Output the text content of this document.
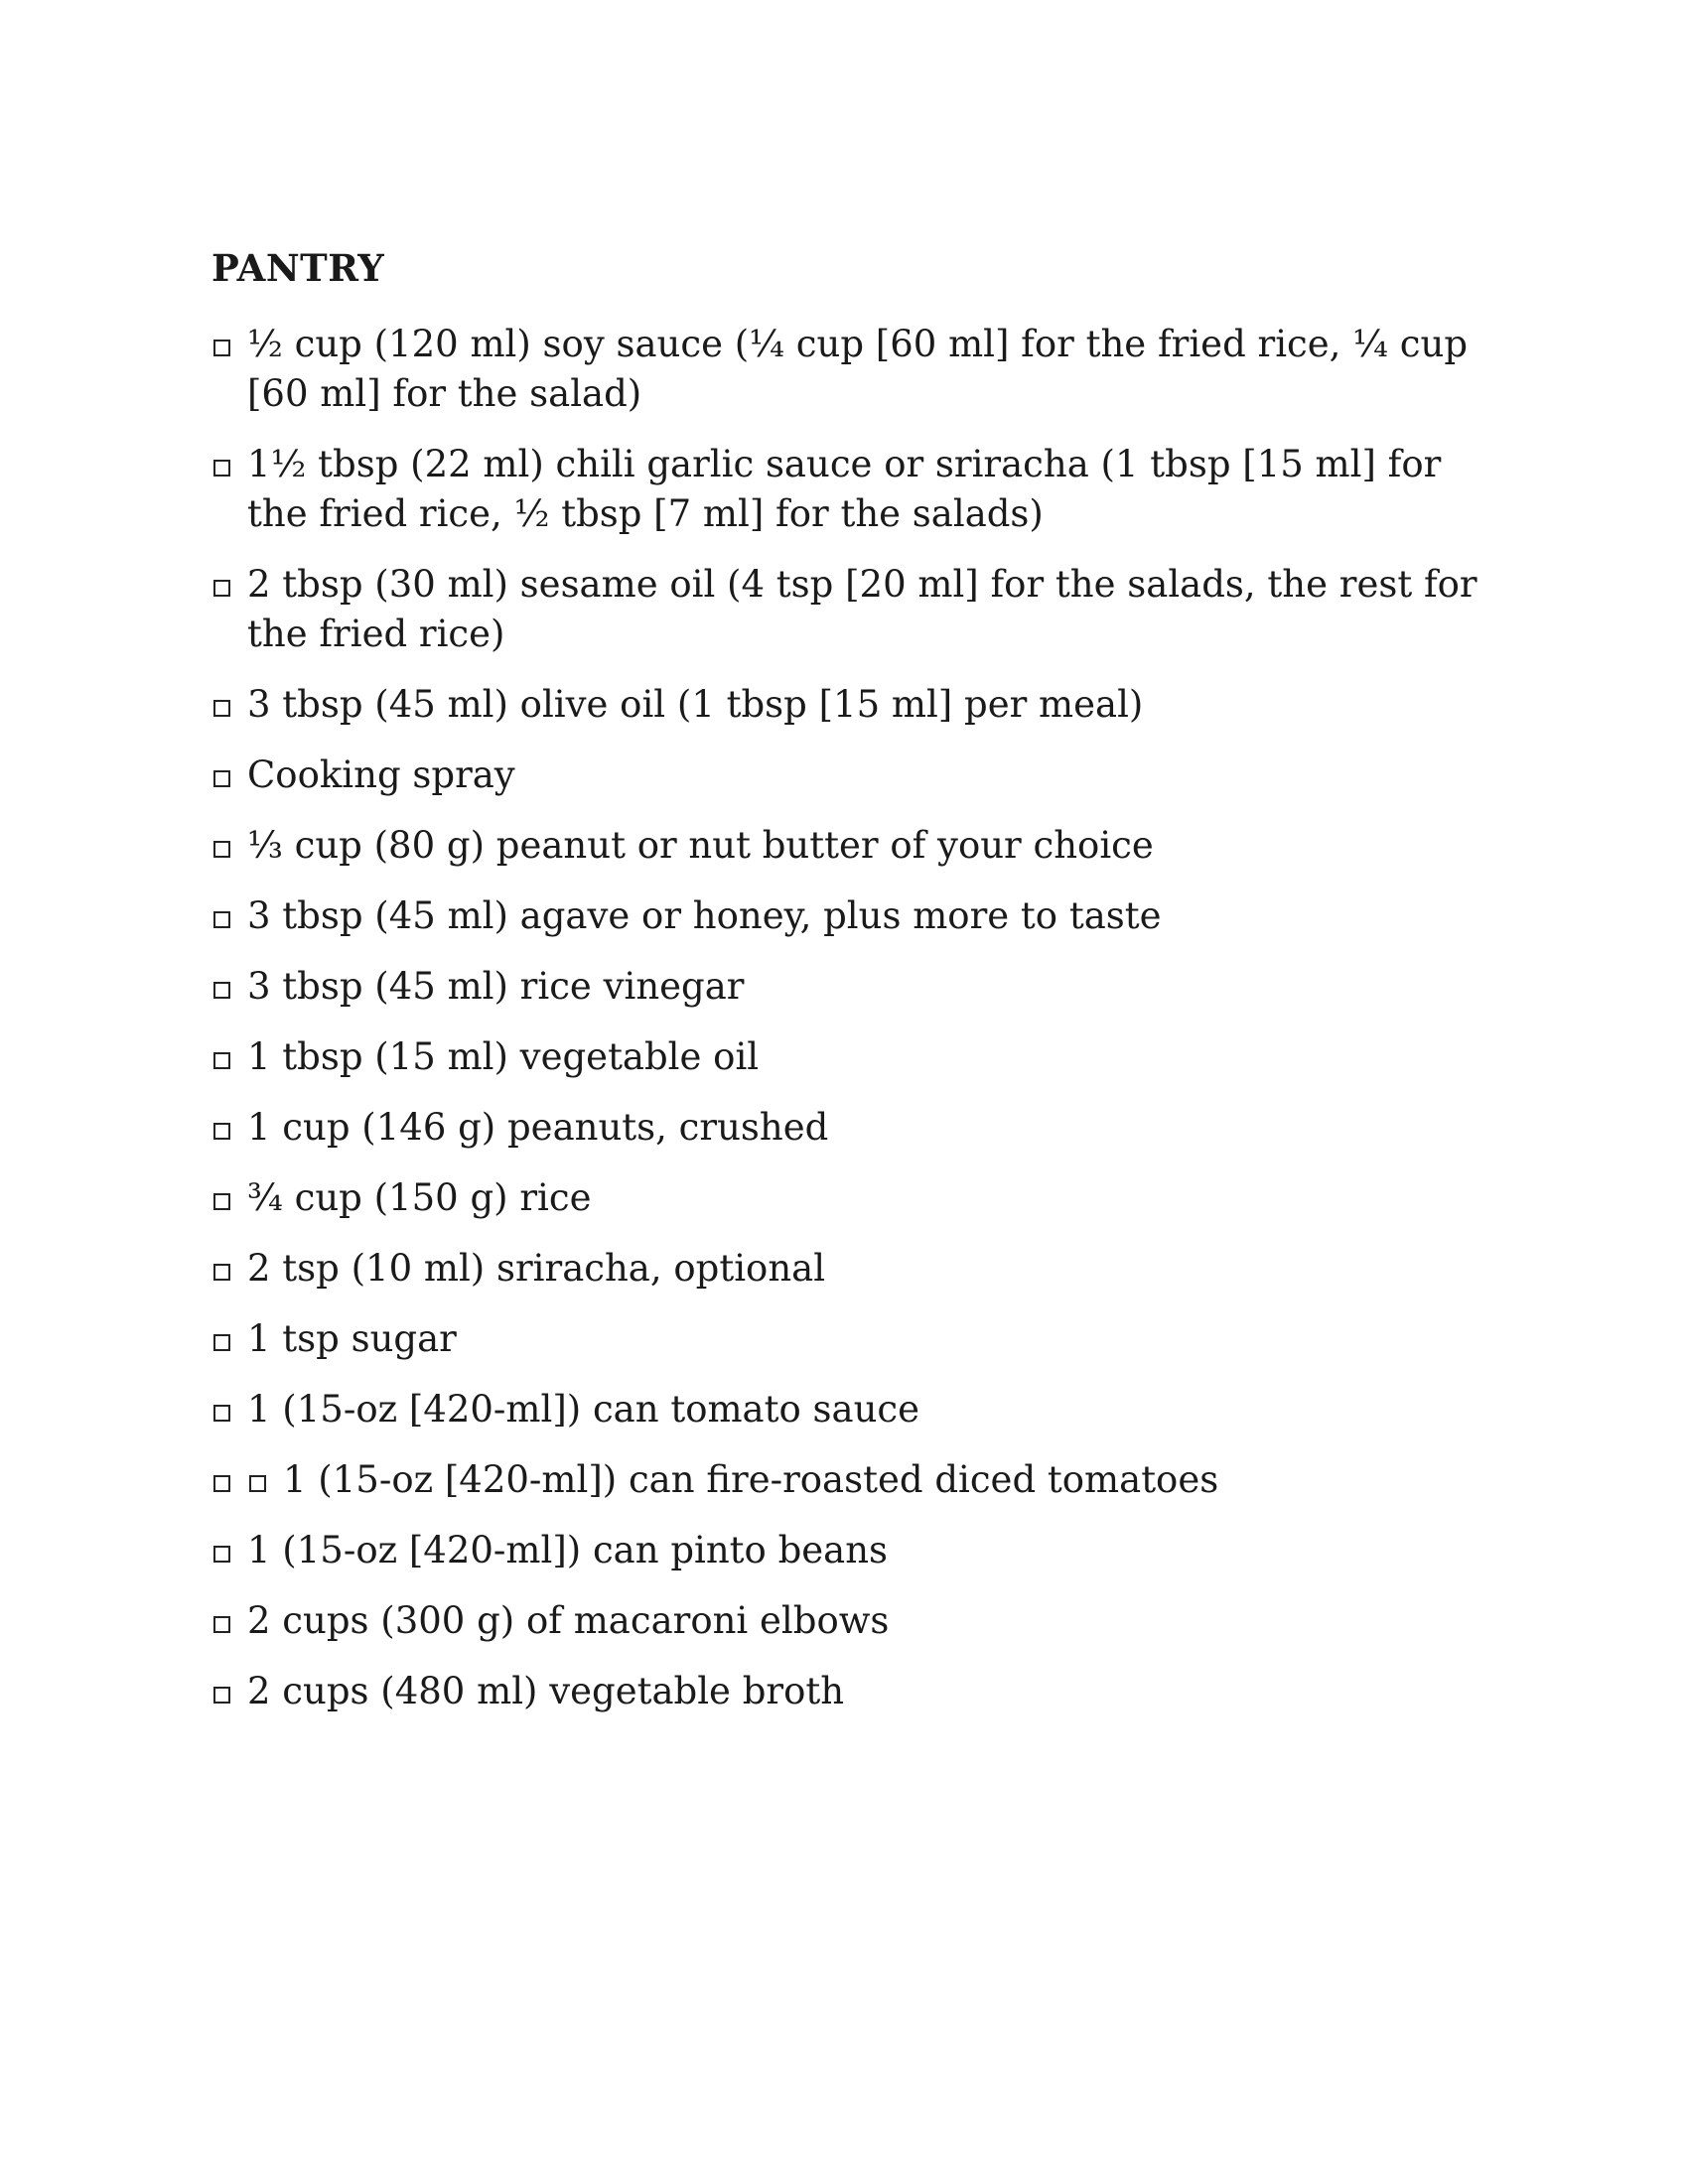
PANTRY
½ cup (120 ml) soy sauce (¼ cup [60 ml] for the fried rice, ¼ cup [60 ml] for the salad)
1½ tbsp (22 ml) chili garlic sauce or sriracha (1 tbsp [15 ml] for the fried rice, ½ tbsp [7 ml] for the salads)
2 tbsp (30 ml) sesame oil (4 tsp [20 ml] for the salads, the rest for the fried rice)
3 tbsp (45 ml) olive oil (1 tbsp [15 ml] per meal)
Cooking spray
⅓ cup (80 g) peanut or nut butter of your choice
3 tbsp (45 ml) agave or honey, plus more to taste
3 tbsp (45 ml) rice vinegar
1 tbsp (15 ml) vegetable oil
1 cup (146 g) peanuts, crushed
¾ cup (150 g) rice
2 tsp (10 ml) sriracha, optional
1 tsp sugar
1 (15-oz [420-ml]) can tomato sauce
1 (15-oz [420-ml]) can fire-roasted diced tomatoes
1 (15-oz [420-ml]) can pinto beans
2 cups (300 g) of macaroni elbows
2 cups (480 ml) vegetable broth
